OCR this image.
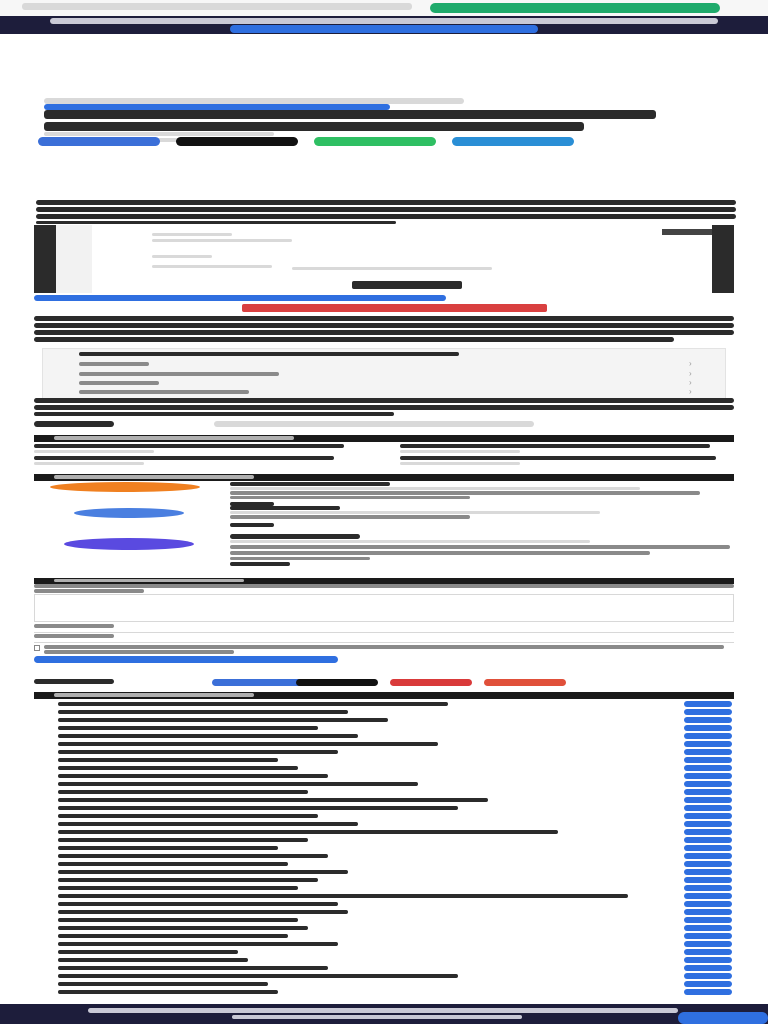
›
›
›
›
